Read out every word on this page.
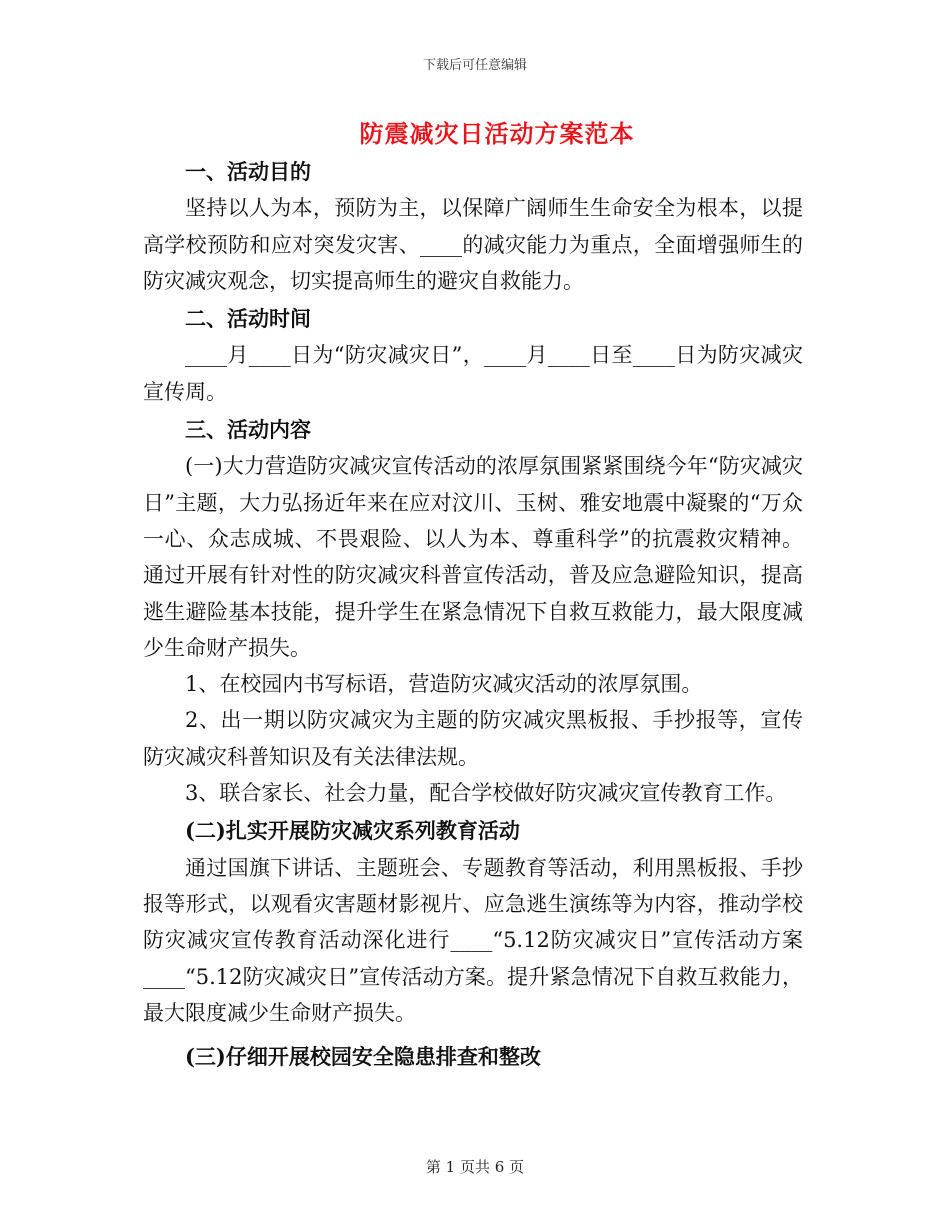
下载后可任意编辑
防震减灾日活动方案范本

一、活动目的

坚持以人为本，预防为主，以保障广阔师生生命安全为根本，以提高学校预防和应对突发灾害、____的减灾能力为重点，全面增强师生的防灾减灾观念，切实提高师生的避灾自救能力。

二、活动时间

____月____日为“防灾减灾日”，____月____日至____日为防灾减灾宣传周。

三、活动内容

(一)大力营造防灾减灾宣传活动的浓厚氛围紧紧围绕今年“防灾减灾日”主题，大力弘扬近年来在应对汶川、玉树、雅安地震中凝聚的“万众一心、众志成城、不畏艰险、以人为本、尊重科学”的抗震救灾精神。通过开展有针对性的防灾减灾科普宣传活动，普及应急避险知识，提高逃生避险基本技能，提升学生在紧急情况下自救互救能力，最大限度减少生命财产损失。

1、在校园内书写标语，营造防灾减灾活动的浓厚氛围。

2、出一期以防灾减灾为主题的防灾减灾黑板报、手抄报等，宣传防灾减灾科普知识及有关法律法规。

3、联合家长、社会力量，配合学校做好防灾减灾宣传教育工作。

(二)扎实开展防灾减灾系列教育活动

通过国旗下讲话、主题班会、专题教育等活动，利用黑板报、手抄报等形式，以观看灾害题材影视片、应急逃生演练等为内容，推动学校防灾减灾宣传教育活动深化进行____“5.12防灾减灾日”宣传活动方案____“5.12防灾减灾日”宣传活动方案。提升紧急情况下自救互救能力，最大限度减少生命财产损失。

(三)仔细开展校园安全隐患排查和整改

第 1 页共 6 页
